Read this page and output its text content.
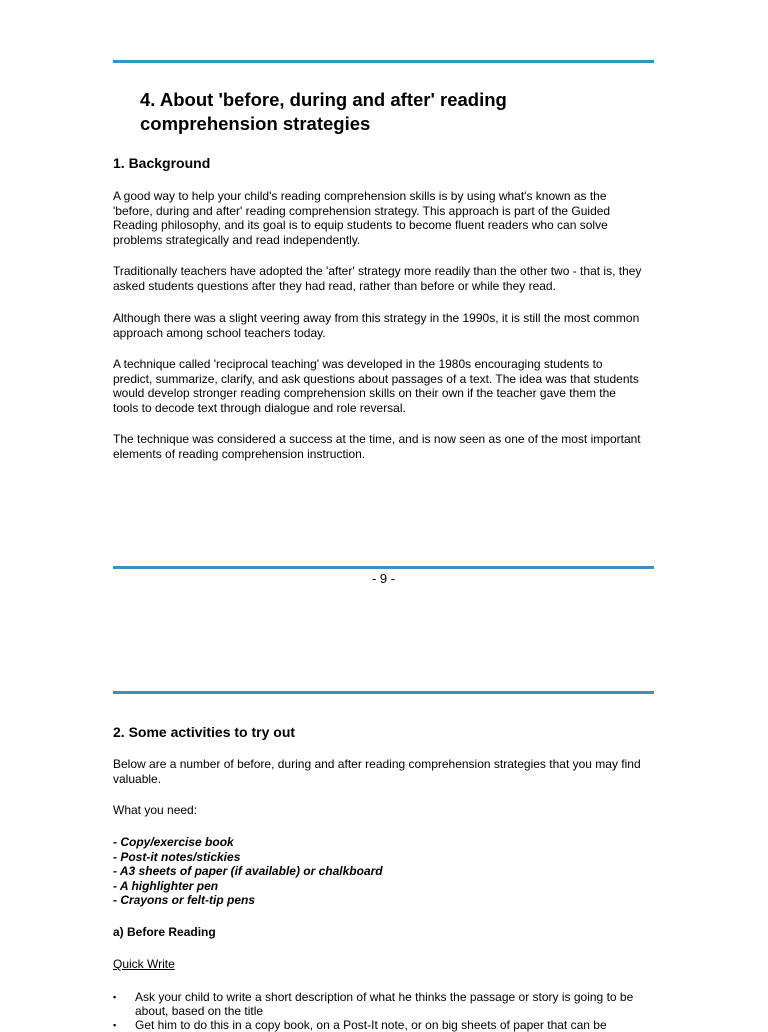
4. About 'before, during and after' reading comprehension strategies
1. Background

A good way to help your child's reading comprehension skills is by using what's known as the 'before, during and after' reading comprehension strategy. This approach is part of the Guided Reading philosophy, and its goal is to equip students to become fluent readers who can solve problems strategically and read independently.

Traditionally teachers have adopted the 'after' strategy more readily than the other two - that is, they asked students questions after they had read, rather than before or while they read.

Although there was a slight veering away from this strategy in the 1990s, it is still the most common approach among school teachers today.

A technique called 'reciprocal teaching' was developed in the 1980s encouraging students to predict, summarize, clarify, and ask questions about passages of a text. The idea was that students would develop stronger reading comprehension skills on their own if the teacher gave them the tools to decode text through dialogue and role reversal.

The technique was considered a success at the time, and is now seen as one of the most important elements of reading comprehension instruction.

- 9 -
2. Some activities to try out

Below are a number of before, during and after reading comprehension strategies that you may find valuable.

What you need:

- Copy/exercise book
- Post-it notes/stickies
- A3 sheets of paper (if available) or chalkboard
- A highlighter pen
- Crayons or felt-tip pens

a) Before Reading

Quick Write

▪ Ask your child to write a short description of what he thinks the passage or story is going to be about, based on the title
▪ Get him to do this in a copy book, on a Post-It note, or on big sheets of paper that can be
